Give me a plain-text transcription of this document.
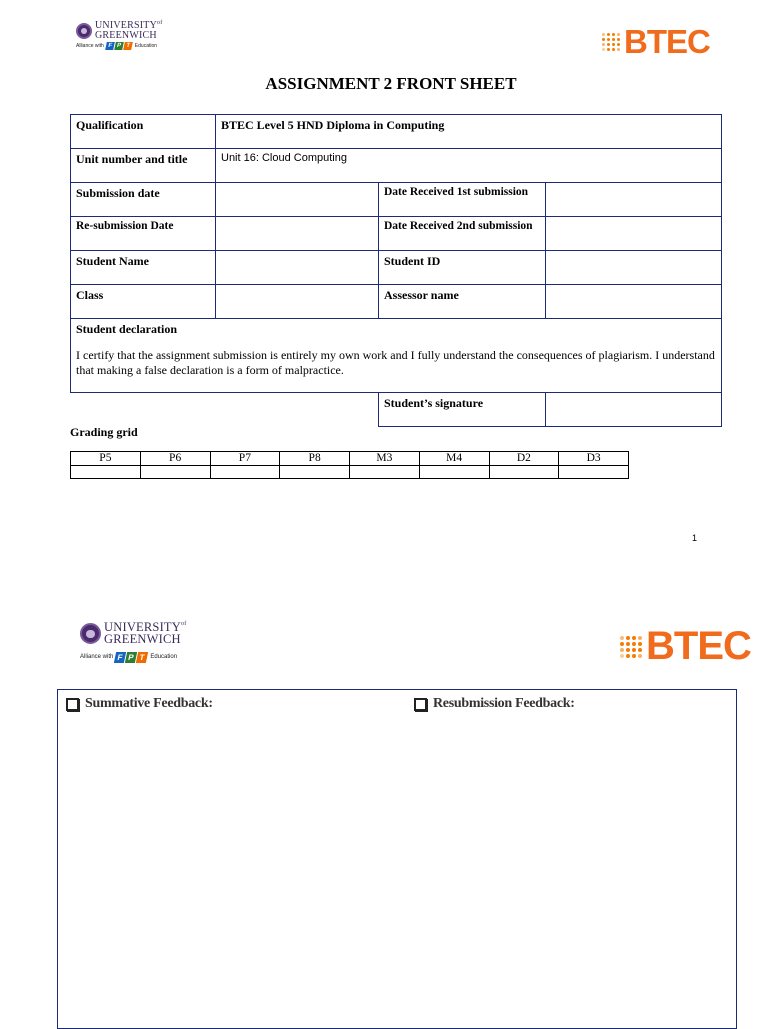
$UNIVERSITY^{of}$
GREENWICH
Alliance with F P T Education	BTEC
ASSIGNMENT 2 FRONT SHEET
Qualification	BTEC Level 5 HND Diploma in Computing		
Unit number and title	Unit 16: Cloud Computing		
Submission date		Date Received 1st submission	
Re-submission Date		Date Received 2nd submission	
Student Name		Student ID	
Class		Assessor name	

Student declaration
I certify that the assignment submission is entirely my own work and I fully understand the consequences of plagiarism. I understand that making a false declaration is a form of malpractice.			

		Student’s signature	
Grading grid
P5	P6	P7	P8	M3	M4	D2	D3

1
$UNIVERSITY^{of}$
GREENWICH
Alliance with F P T Education	BTEC
Summative Feedback:	Resubmission Feedback:
